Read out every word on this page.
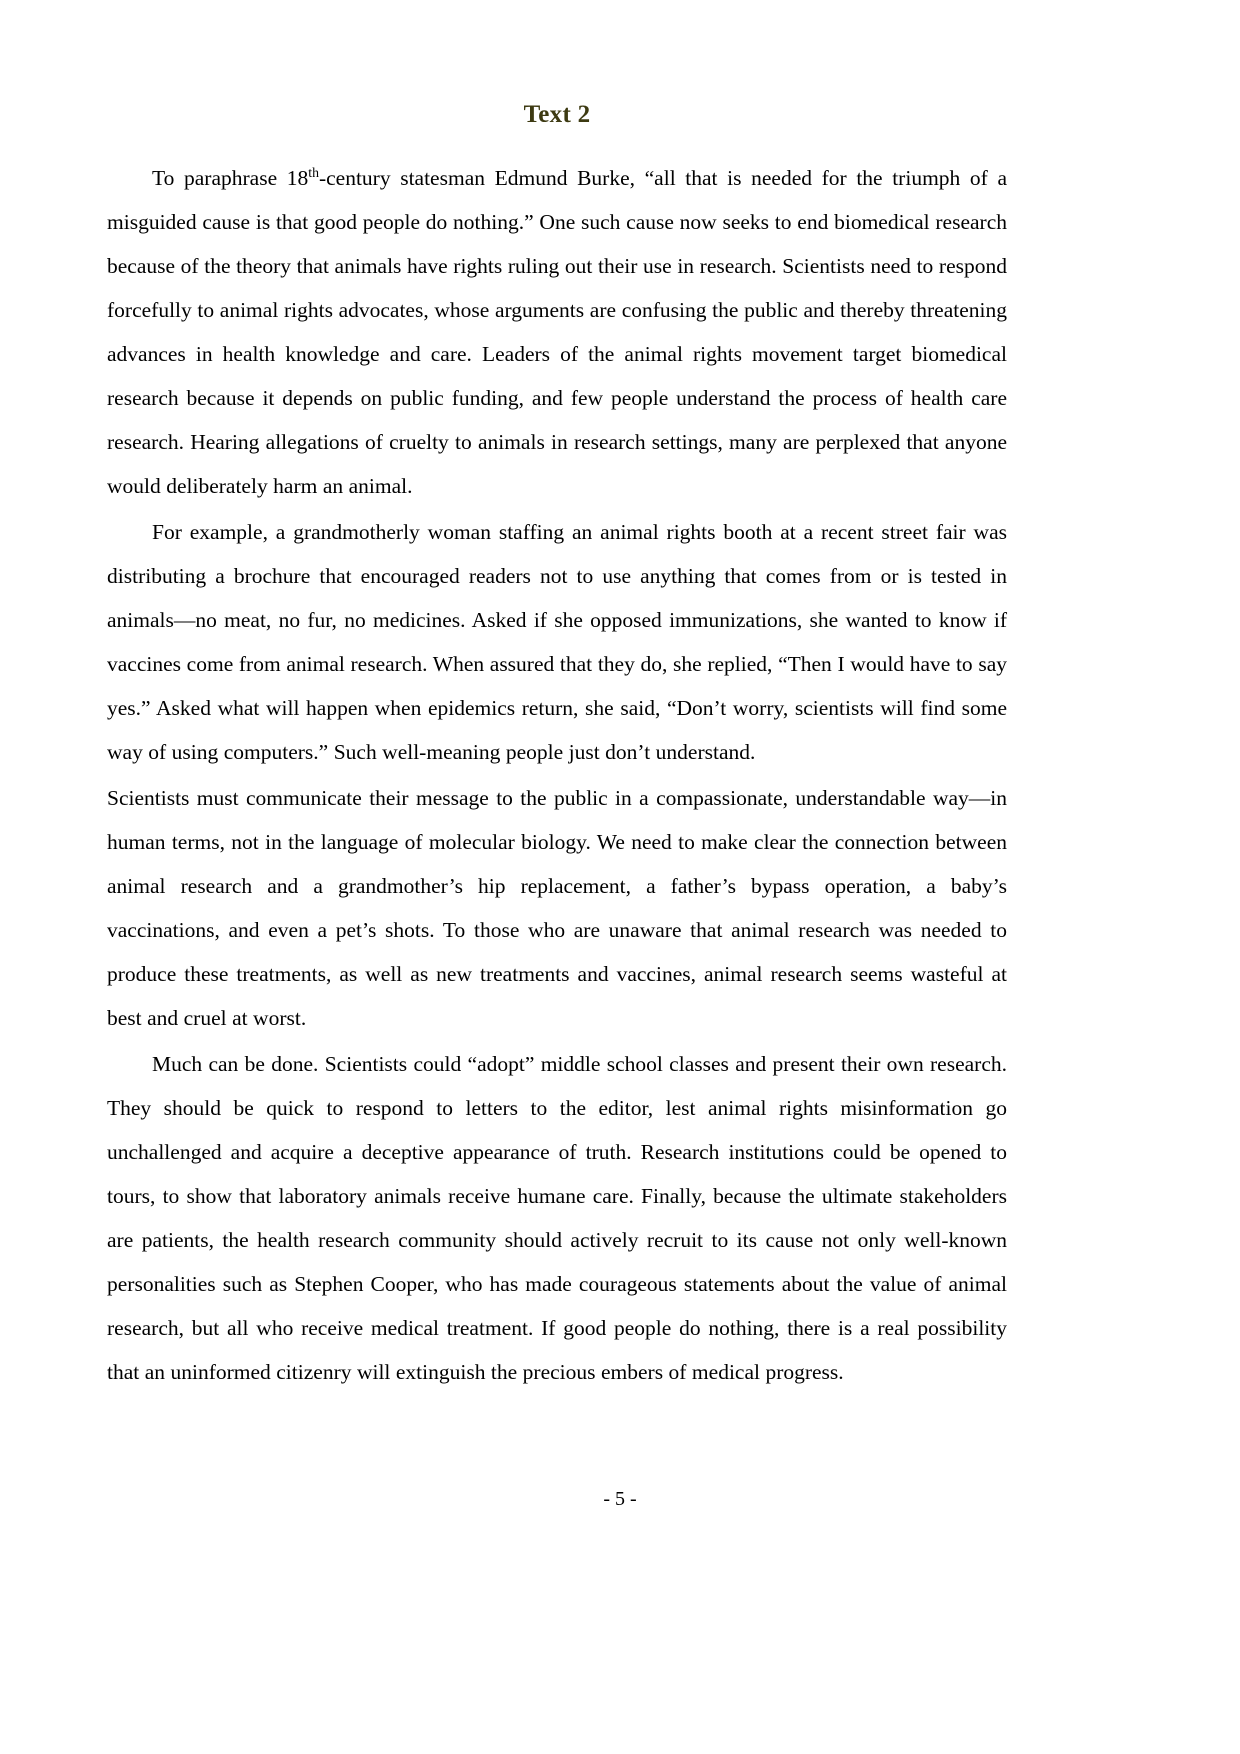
Text 2

To paraphrase 18th-century statesman Edmund Burke, “all that is needed for the triumph of a misguided cause is that good people do nothing.” One such cause now seeks to end biomedical research because of the theory that animals have rights ruling out their use in research. Scientists need to respond forcefully to animal rights advocates, whose arguments are confusing the public and thereby threatening advances in health knowledge and care. Leaders of the animal rights movement target biomedical research because it depends on public funding, and few people understand the process of health care research. Hearing allegations of cruelty to animals in research settings, many are perplexed that anyone would deliberately harm an animal.

For example, a grandmotherly woman staffing an animal rights booth at a recent street fair was distributing a brochure that encouraged readers not to use anything that comes from or is tested in animals—no meat, no fur, no medicines. Asked if she opposed immunizations, she wanted to know if vaccines come from animal research. When assured that they do, she replied, “Then I would have to say yes.” Asked what will happen when epidemics return, she said, “Don’t worry, scientists will find some way of using computers.” Such well-meaning people just don’t understand.

Scientists must communicate their message to the public in a compassionate, understandable way—in human terms, not in the language of molecular biology. We need to make clear the connection between animal research and a grandmother’s hip replacement, a father’s bypass operation, a baby’s vaccinations, and even a pet’s shots. To those who are unaware that animal research was needed to produce these treatments, as well as new treatments and vaccines, animal research seems wasteful at best and cruel at worst.

Much can be done. Scientists could “adopt” middle school classes and present their own research. They should be quick to respond to letters to the editor, lest animal rights misinformation go unchallenged and acquire a deceptive appearance of truth. Research institutions could be opened to tours, to show that laboratory animals receive humane care. Finally, because the ultimate stakeholders are patients, the health research community should actively recruit to its cause not only well-known personalities such as Stephen Cooper, who has made courageous statements about the value of animal research, but all who receive medical treatment. If good people do nothing, there is a real possibility that an uninformed citizenry will extinguish the precious embers of medical progress.

- 5 -
